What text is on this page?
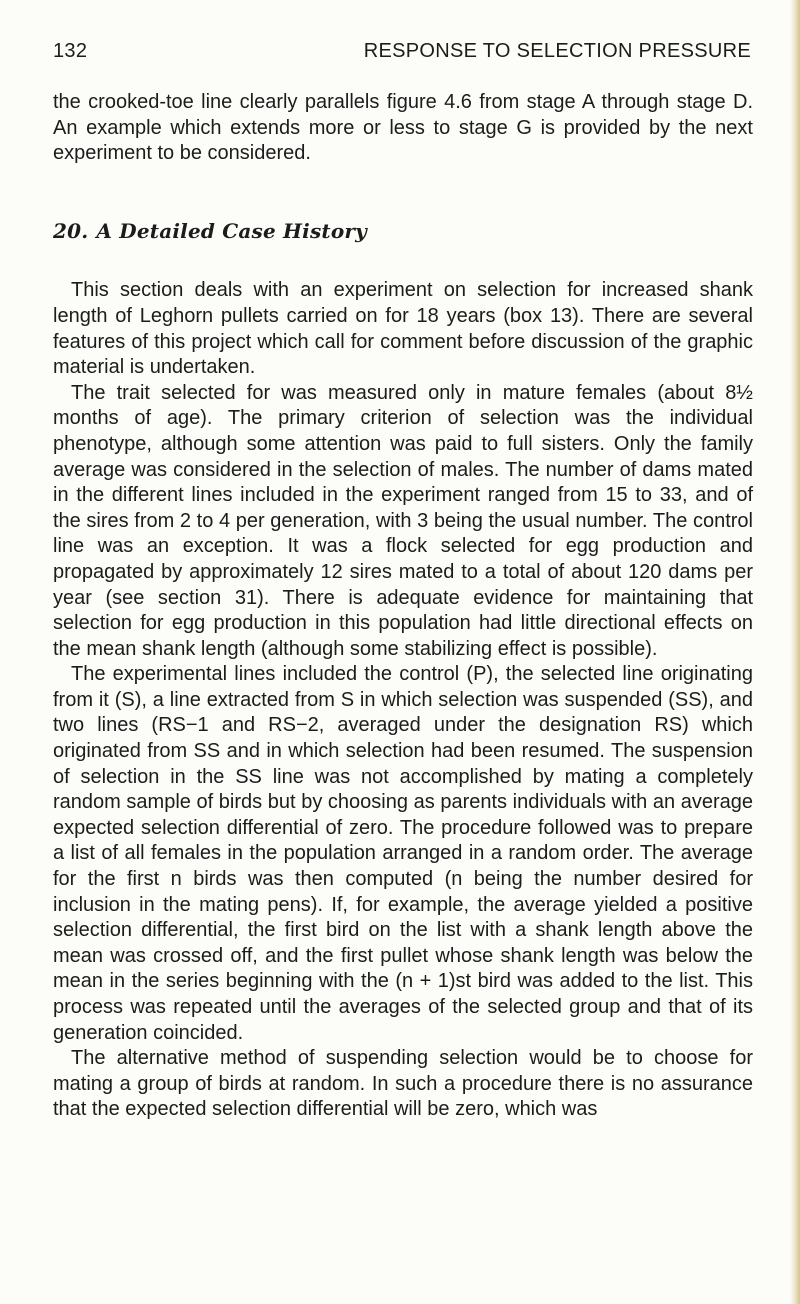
132	RESPONSE TO SELECTION PRESSURE

the crooked-toe line clearly parallels figure 4.6 from stage A through stage D. An example which extends more or less to stage G is provided by the next experiment to be considered.

20. A Detailed Case History

This section deals with an experiment on selection for increased shank length of Leghorn pullets carried on for 18 years (box 13). There are several features of this project which call for comment before discussion of the graphic material is undertaken.

The trait selected for was measured only in mature females (about 8½ months of age). The primary criterion of selection was the individual phenotype, although some attention was paid to full sisters. Only the family average was considered in the selection of males. The number of dams mated in the different lines included in the experiment ranged from 15 to 33, and of the sires from 2 to 4 per generation, with 3 being the usual number. The control line was an exception. It was a flock selected for egg production and propagated by approximately 12 sires mated to a total of about 120 dams per year (see section 31). There is adequate evidence for maintaining that selection for egg production in this population had little directional effects on the mean shank length (although some stabilizing effect is possible).

The experimental lines included the control (P), the selected line originating from it (S), a line extracted from S in which selection was suspended (SS), and two lines (RS−1 and RS−2, averaged under the designation RS) which originated from SS and in which selection had been resumed. The suspension of selection in the SS line was not accomplished by mating a completely random sample of birds but by choosing as parents individuals with an average expected selection differential of zero. The procedure followed was to prepare a list of all females in the population arranged in a random order. The average for the first n birds was then computed (n being the number desired for inclusion in the mating pens). If, for example, the average yielded a positive selection differential, the first bird on the list with a shank length above the mean was crossed off, and the first pullet whose shank length was below the mean in the series beginning with the (n + 1)st bird was added to the list. This process was repeated until the averages of the selected group and that of its generation coincided.

The alternative method of suspending selection would be to choose for mating a group of birds at random. In such a procedure there is no assurance that the expected selection differential will be zero, which was
